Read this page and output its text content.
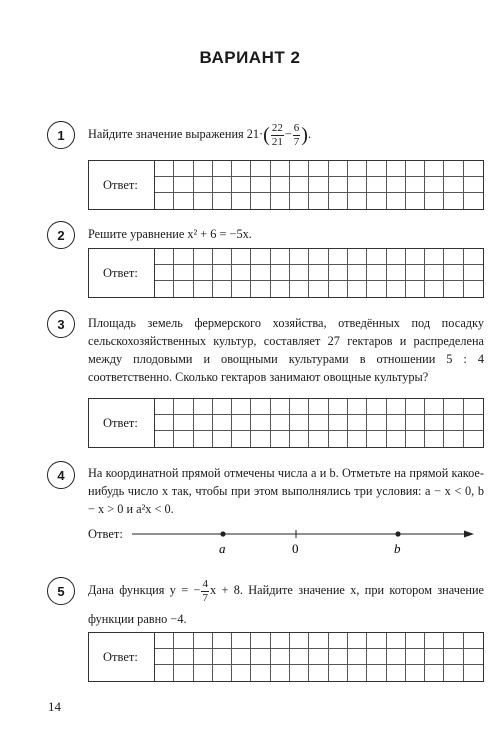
ВАРИАНТ 2
1	Найдите значение выражения $21\cdot( \frac{22}{21} - \frac{6}{7}$ ).
Ответ:
2	Решите уравнение x² + 6 = −5x.
Ответ:
3	Площадь земель фермерского хозяйства, отведённых под посадку сельскохозяйственных культур, составляет 27 гектаров и распределена между плодовыми и овощными культурами в отношении 5 : 4 соответственно. Сколько гектаров занимают овощные культуры?
Ответ:
4	На координатной прямой отмечены числа a и b. Отметьте на прямой какое-нибудь число x так, чтобы при этом выполнялись три условия: a − x < 0, b − x > 0 и a²x < 0.
Ответ:
a	0	b
5	Дана функция y = − $\frac{4}{7}$ x + 8. Найдите значение x, при котором значение функции равно −4.
Ответ:
14
